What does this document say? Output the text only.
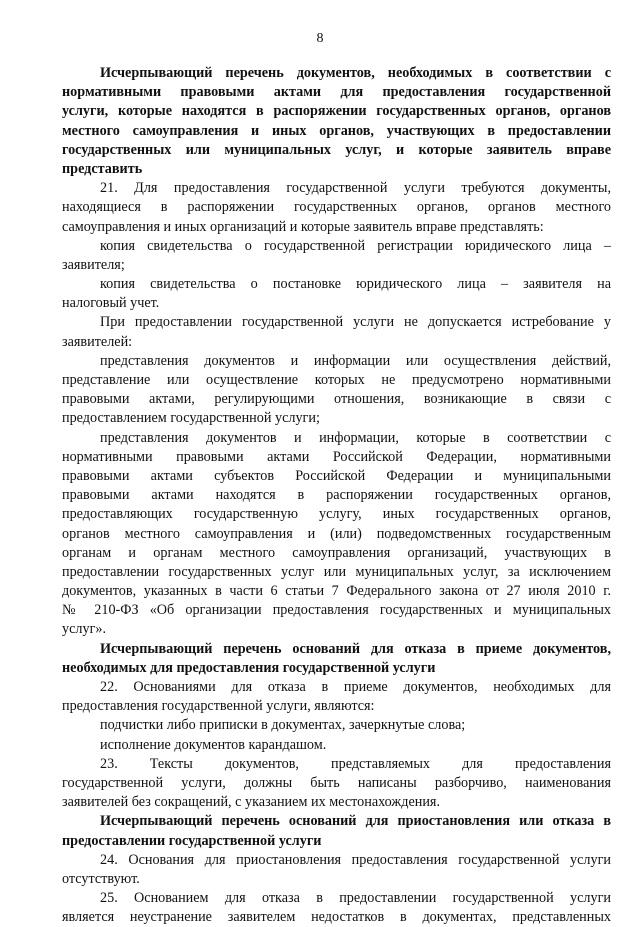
8
Исчерпывающий перечень документов, необходимых в соответствии с
нормативными правовыми актами для предоставления государственной
услуги, которые находятся в распоряжении государственных органов, органов
местного самоуправления и иных органов, участвующих в предоставлении
государственных или муниципальных услуг, и которые заявитель вправе
представить
21. Для предоставления государственной услуги требуются документы,
находящиеся в распоряжении государственных органов, органов местного
самоуправления и иных организаций и которые заявитель вправе представлять:
копия свидетельства о государственной регистрации юридического лица –
заявителя;
копия свидетельства о постановке юридического лица – заявителя на
налоговый учет.
При предоставлении государственной услуги не допускается истребование у
заявителей:
представления документов и информации или осуществления действий,
представление или осуществление которых не предусмотрено нормативными
правовыми актами, регулирующими отношения, возникающие в связи с
предоставлением государственной услуги;
представления документов и информации, которые в соответствии с
нормативными правовыми актами Российской Федерации, нормативными
правовыми актами субъектов Российской Федерации и муниципальными
правовыми актами находятся в распоряжении государственных органов,
предоставляющих государственную услугу, иных государственных органов,
органов местного самоуправления и (или) подведомственных государственным
органам и органам местного самоуправления организаций, участвующих в
предоставлении государственных услуг или муниципальных услуг, за исключением
документов, указанных в части 6 статьи 7 Федерального закона от 27 июля 2010 г.
№ 210-ФЗ «Об организации предоставления государственных и муниципальных
услуг».
Исчерпывающий перечень оснований для отказа в приеме документов,
необходимых для предоставления государственной услуги
22. Основаниями для отказа в приеме документов, необходимых для
предоставления государственной услуги, являются:
подчистки либо приписки в документах, зачеркнутые слова;
исполнение документов карандашом.
23. Тексты документов, представляемых для предоставления
государственной услуги, должны быть написаны разборчиво, наименования
заявителей без сокращений, с указанием их местонахождения.
Исчерпывающий перечень оснований для приостановления или отказа в
предоставлении государственной услуги
24. Основания для приостановления предоставления государственной услуги
отсутствуют.
25. Основанием для отказа в предоставлении государственной услуги
является неустранение заявителем недостатков в документах, представленных
